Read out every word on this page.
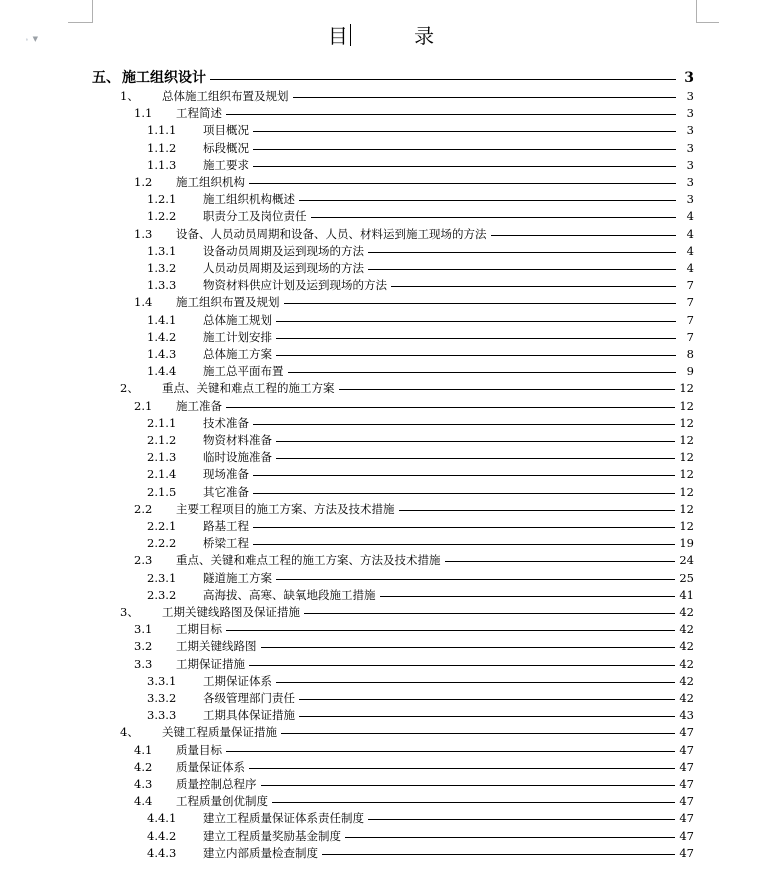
▼	目 录
五、 施工组织设计	3
1、	总体施工组织布置及规划	3
1.1	工程简述	3
1.1.1	项目概况	3
1.1.2	标段概况	3
1.1.3	施工要求	3
1.2	施工组织机构	3
1.2.1	施工组织机构概述	3
1.2.2	职责分工及岗位责任	4
1.3	设备、人员动员周期和设备、人员、材料运到施工现场的方法	4
1.3.1	设备动员周期及运到现场的方法	4
1.3.2	人员动员周期及运到现场的方法	4
1.3.3	物资材料供应计划及运到现场的方法	7
1.4	施工组织布置及规划	7
1.4.1	总体施工规划	7
1.4.2	施工计划安排	7
1.4.3	总体施工方案	8
1.4.4	施工总平面布置	9
2、	重点、关键和难点工程的施工方案	12
2.1	施工准备	12
2.1.1	技术准备	12
2.1.2	物资材料准备	12
2.1.3	临时设施准备	12
2.1.4	现场准备	12
2.1.5	其它准备	12
2.2	主要工程项目的施工方案、方法及技术措施	12
2.2.1	路基工程	12
2.2.2	桥梁工程	19
2.3	重点、关键和难点工程的施工方案、方法及技术措施	24
2.3.1	隧道施工方案	25
2.3.2	高海拔、高寒、缺氧地段施工措施	41
3、	工期关键线路图及保证措施	42
3.1	工期目标	42
3.2	工期关键线路图	42
3.3	工期保证措施	42
3.3.1	工期保证体系	42
3.3.2	各级管理部门责任	42
3.3.3	工期具体保证措施	43
4、	关键工程质量保证措施	47
4.1	质量目标	47
4.2	质量保证体系	47
4.3	质量控制总程序	47
4.4	工程质量创优制度	47
4.4.1	建立工程质量保证体系责任制度	47
4.4.2	建立工程质量奖励基金制度	47
4.4.3	建立内部质量检查制度	47
